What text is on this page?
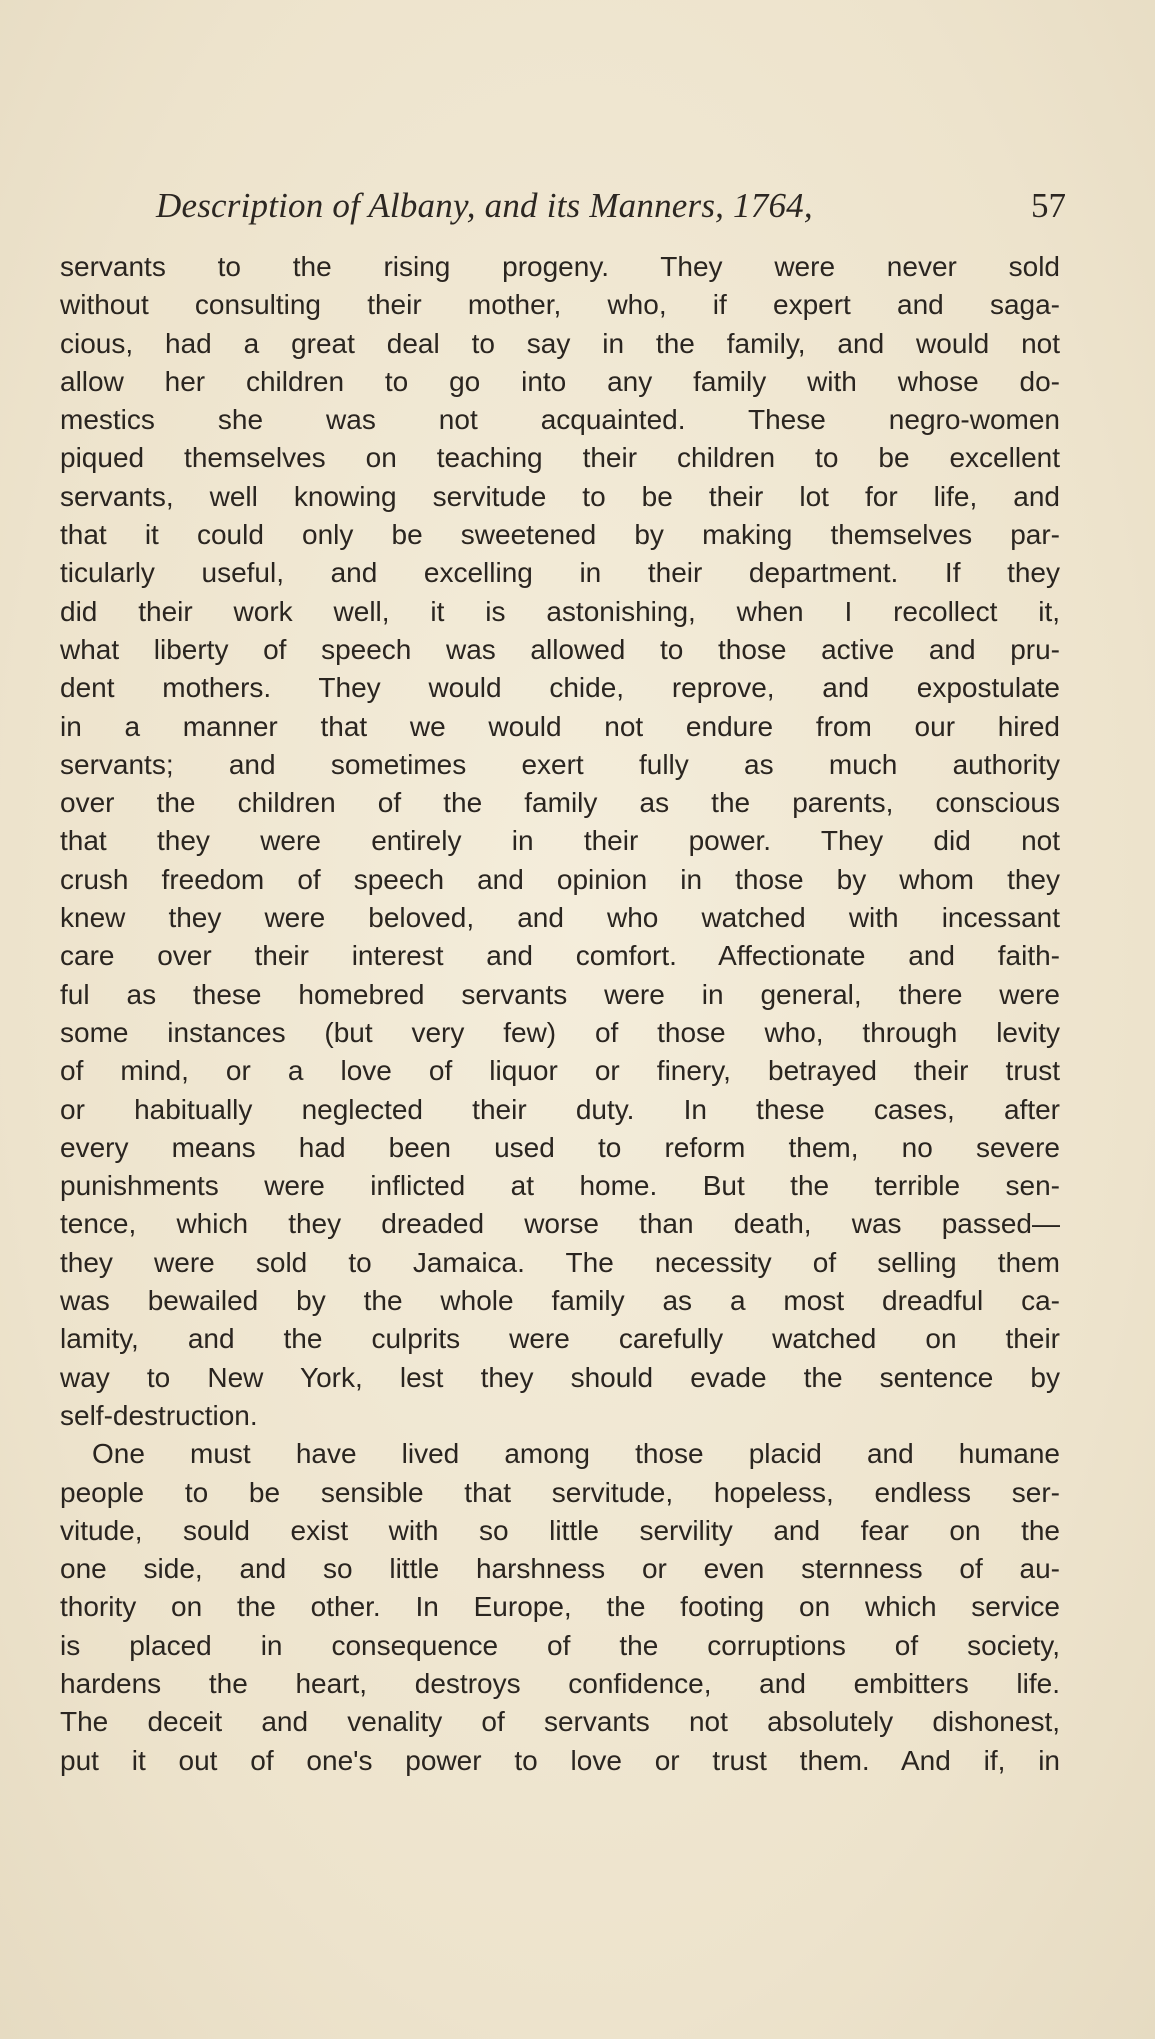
Description of Albany, and its Manners, 1764,	57
servants to the rising progeny. They were never sold
without consulting their mother, who, if expert and saga-
cious, had a great deal to say in the family, and would not
allow her children to go into any family with whose do-
mestics she was not acquainted. These negro-women
piqued themselves on teaching their children to be excellent
servants, well knowing servitude to be their lot for life, and
that it could only be sweetened by making themselves par-
ticularly useful, and excelling in their department. If they
did their work well, it is astonishing, when I recollect it,
what liberty of speech was allowed to those active and pru-
dent mothers. They would chide, reprove, and expostulate
in a manner that we would not endure from our hired
servants; and sometimes exert fully as much authority
over the children of the family as the parents, conscious
that they were entirely in their power. They did not
crush freedom of speech and opinion in those by whom they
knew they were beloved, and who watched with incessant
care over their interest and comfort. Affectionate and faith-
ful as these homebred servants were in general, there were
some instances (but very few) of those who, through levity
of mind, or a love of liquor or finery, betrayed their trust
or habitually neglected their duty. In these cases, after
every means had been used to reform them, no severe
punishments were inflicted at home. But the terrible sen-
tence, which they dreaded worse than death, was passed—
they were sold to Jamaica. The necessity of selling them
was bewailed by the whole family as a most dreadful ca-
lamity, and the culprits were carefully watched on their
way to New York, lest they should evade the sentence by
self-destruction.
One must have lived among those placid and humane
people to be sensible that servitude, hopeless, endless ser-
vitude, sould exist with so little servility and fear on the
one side, and so little harshness or even sternness of au-
thority on the other. In Europe, the footing on which service
is placed in consequence of the corruptions of society,
hardens the heart, destroys confidence, and embitters life.
The deceit and venality of servants not absolutely dishonest,
put it out of one's power to love or trust them. And if, in
